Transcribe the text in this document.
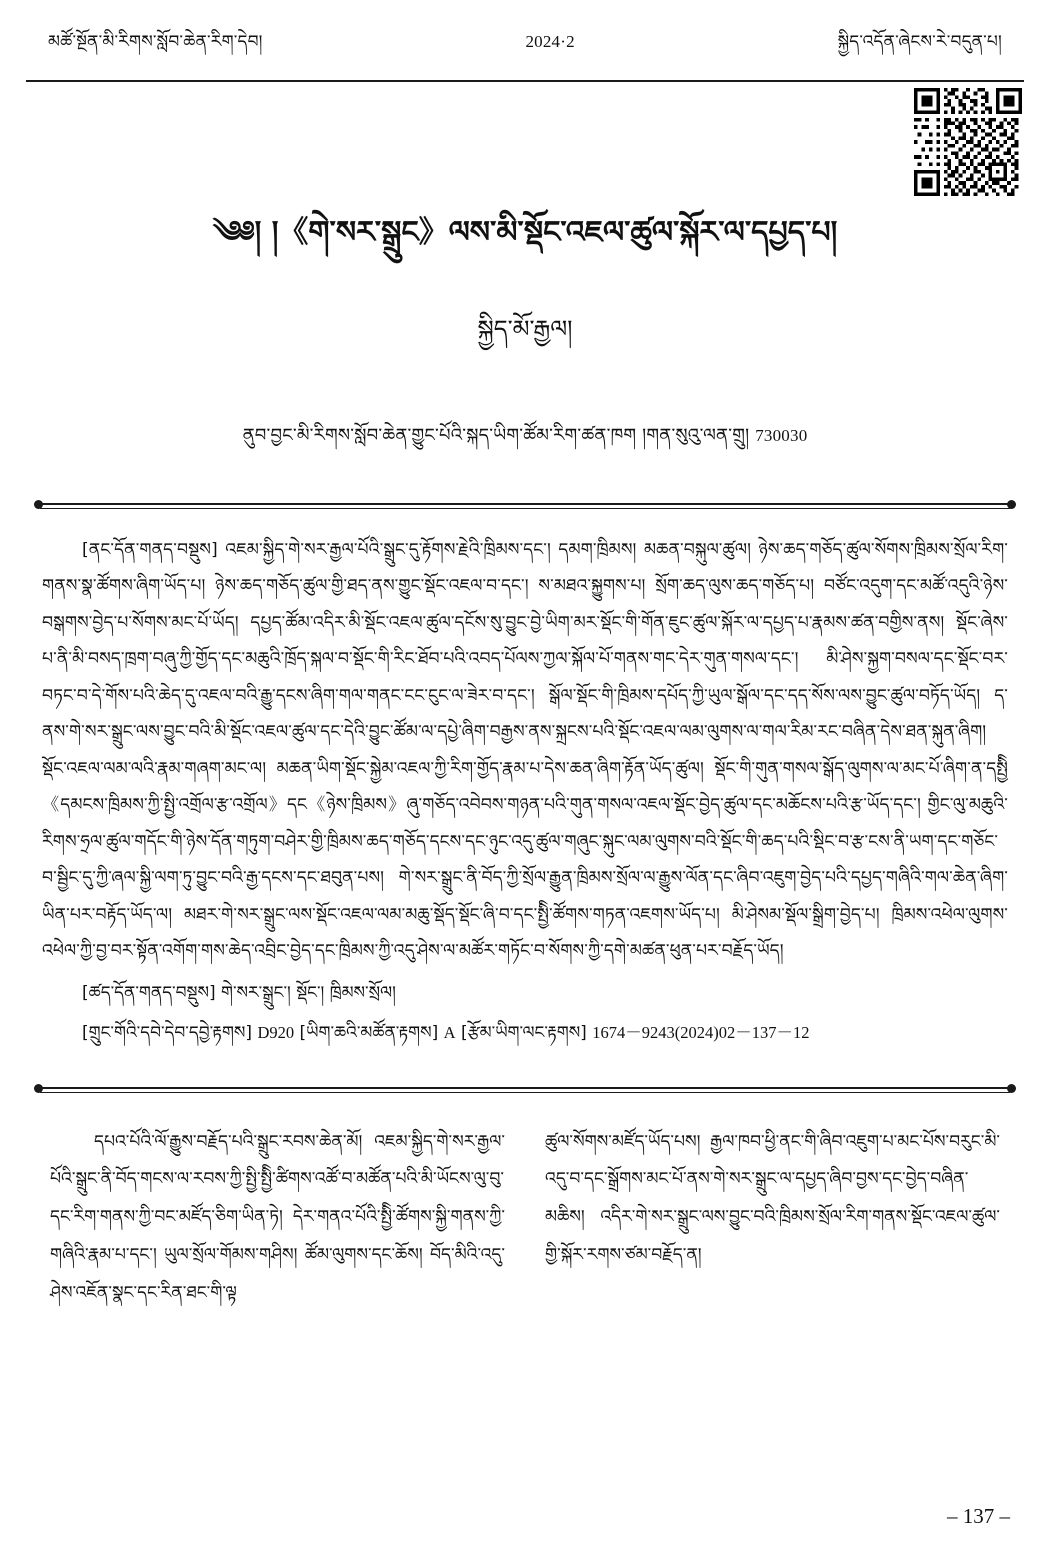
མཚོ་སྔོན་མི་རིགས་སློབ་ཆེན་རིག་དེབ།	2024·2	སྐྱིད་འདོན་ཞེངས་རེ་བདུན་པ།
༄༅། །《གེ་སར་སྒྲུང》ལས་མི་སྡོང་འཇལ་ཚུལ་སྐོར་ལ་དཔྱད་པ།
སྐྱིད་མོ་རྒྱལ།
ནུབ་བྱང་མི་རིགས་སློབ་ཆེན་གྱུང་པོའི་སྐད་ཡིག་ཚོམ་རིག་ཚན་ཁག །གན་སུའུ་ལན་གྲུ། 730030
[ནང་དོན་གནད་བསྡུས] འཇམ་སྐྱིད་གེ་སར་རྒྱལ་པོའི་སྒྲུང་དུ་རྟོགས་རྗེའི་ཁྲིམས་དང་། དམག་ཁྲིམས། མཆན་བསྐུལ་ཚུལ། ཉེས་ཆད་གཅོད་ཚུལ་སོགས་ཁྲིམས་སྲོལ་རིག་གནས་སྣ་ཚོགས་ཞིག་ཡོད་པ། ཉེས་ཆད་གཅོད་ཚུལ་གྱི་ཐད་ནས་གྱུང་སྡོང་འཇལ་བ་དང་། ས་མཐའ་སྐྱུགས་པ། སྲོག་ཆད་ལུས་ཆད་གཅོད་པ། བཙོང་འདུག་དང་མཚོ་འདུའི་ཉེས་བསྒགས་བྱེད་པ་སོགས་མང་པོ་ཡོད། དཔྱད་ཚོམ་འདིར་མི་སྡོང་འཇལ་ཚུལ་དངོས་སུ་བྱུང་བྱེ་ཡིག་མར་སྡོང་གི་གོན་ཇུང་ཚུལ་སྐོར་ལ་དཔྱད་པ་རྣམས་ཚན་བགྱིས་ནས། སྡོང་ཞེས་པ་ནི་མི་བསད་ཁྲག་བཞུ་ཀྱི་གྱོད་དང་མཆུའི་ཁྲོད་སྐལ་བ་སྡོང་གི་རིང་ཐོབ་པའི་འབད་པོལས་ཀྱལ་སྐོལ་པོ་གནས་གང་དེར་གུན་གསལ་དང་། མི་ཤེས་སྐྱག་བསལ་དང་སྡོང་བར་བཏང་བ་དེ་གོས་པའི་ཆེད་དུ་འཇལ་བའི་རྒྱུ་དངས་ཞིག་གལ་གནང་ངང་ངུང་ལ་ཟེར་བ་དང་། སྒོལ་སྡོང་གི་ཁྲིམས་དཔོད་ཀྱི་ཡུལ་སྒོལ་དང་དད་སོས་ལས་བྱུང་ཚུལ་བཏོད་ཡོད། ད་ནས་གེ་སར་སྒྲུང་ལས་བྱུང་བའི་མི་སྡོང་འཇལ་ཚུལ་དང་དེའི་བྱུང་ཚོམ་ལ་དཔྱེ་ཞིག་བརྒྱས་ནས་སྐྲངས་པའི་སྡོང་འཇལ་ལམ་ལུགས་ལ་གལ་རིམ་རང་བཞིན་དེས་ཐན་སྐུན་ཞིག། སྡོང་འཇལ་ལམ་ལའི་རྣམ་གཞག་མང་ལ། མཆན་ཡིག་སྡོང་སྐྱེམ་འཇལ་ཀྱི་རིག་གྱོད་རྣམ་པ་དེས་ཆན་ཞིག་རྟོན་ཡོད་ཚུལ། སྡོང་གི་གུན་གསལ་སྒོད་ལུགས་ལ་མང་པོ་ཞིག་ན་དསྤྱིི《དམངས་ཁྲིམས་ཀྱི་སྤྱི་འགྲོལ་རྩ་འགྲོལ》དང《ཉེས་ཁྲིམས》ཞུ་གཅོད་འབེབས་གཉན་པའི་གུན་གསལ་འཇལ་སྡོང་བྱེད་ཚུལ་དང་མཆོངས་པའི་རྩ་ཡོད་དང་། གྱིང་ལུ་མཆུའི་རིགས་ཧྲལ་ཚུལ་གདོང་གི་ཉེས་དོན་གཏུག་བཤེར་གྱི་ཁྲིམས་ཆད་གཅོད་དངས་དང་ཉུང་འདུ་ཚུལ་གཞུང་སྐུང་ལམ་ལུགས་བའི་སྡོང་གི་ཆད་པའི་སྡིང་བ་རྩ་ངས་ནི་ཡག་དང་གཅོང་བ་སྦྱིང་དུ་ཀྱི་ཞལ་སྐྱི་ལག་ཏུ་བྱུང་བའི་རྒྱ་དངས་དང་ཐབུན་པས། གེ་སར་སྒྲུང་ནི་བོད་ཀྱི་སྲོལ་རྒྱུན་ཁྲིམས་སྲོལ་ལ་རྒྱུས་ལོན་དང་ཞིབ་འཇུག་བྱེད་པའི་དཔྱད་གཞིའི་གལ་ཆེན་ཞིག་ཡིན་པར་བརྟོད་ཡོད་ལ། མཐར་གེ་སར་སྒྲུང་ལས་སྡོང་འཇལ་ལམ་མཆུ་སྡོད་སྡོང་ཞི་བ་དང་སྤྱིི་ཚོགས་གཏན་འཇགས་ཡོད་པ། མི་ཤེསམ་སྡོལ་སྒྲིག་བྱེད་པ། ཁྲིམས་འཕེལ་ལུགས་འཕེལ་ཀྱི་བྱ་བར་སྟོན་འགོག་གས་ཆེད་འབྲིང་བྱེད་དང་ཁྲིམས་ཀྱི་འདུ་ཤེས་ལ་མཚོར་གཏོང་བ་སོགས་ཀྱི་དགེ་མཚན་ཕུན་པར་བརྗོད་ཡོད།
[ཚད་དོན་གནད་བསྡུས] གེ་སར་སྒྲུང་། སྡོང་། ཁྲིམས་སྲོལ།
[གྲུང་གོའི་དབེ་དེབ་དབྱེ་རྟགས] D920 [ཡིག་ཆའི་མཚོན་རྟགས] A [རྩོམ་ཡིག་ལང་རྟགས] 1674－9243(2024)02－137－12
ཚུལ་སོགས་མཛོད་ཡོད་པས། རྒྱལ་ཁབ་ཕྱི་ནང་གི་ཞིབ་འཇུག་པ་མང་པོས་བརུང་མི་འདུ་བ་དང་སྒྲོགས་མང་པོ་ནས་གེ་སར་སྒྲུང་ལ་དཔྱད་ཞིབ་བྱས་དང་བྱེད་བཞིན་མཆིས། འདིར་གེ་སར་སྒྲུང་ལས་བྱུང་བའི་ཁྲིམས་སྲོལ་རིག་གནས་སྡོང་འཇལ་ཚུལ་གྱི་སྐོར་རགས་ཙམ་བརྗོད་ན།
དཔའ་པོའི་ལོ་རྒྱུས་བརྗོད་པའི་སྒྲུང་རབས་ཆེན་མོ། འཇམ་སྐྱིད་གེ་སར་རྒྱལ་པོའི་སྒྲུང་ནི་བོད་གངས་ལ་རབས་ཀྱི་སྤྱི་སྤྱིི་ཚིགས་འཚོ་བ་མཚོན་པའི་མི་ཡོངས་ལུ་བུ་དང་རིག་གནས་ཀྱི་བང་མཛོད་ཅིག་ཡིན་ཏེ། དེར་གནའ་པོའི་སྤྱིི་ཚོགས་སྐྱི་གནས་ཀྱི་གཞིའི་རྣམ་པ་དང་། ཡུལ་སྲོལ་གོམས་གཤིས། ཚོམ་ལུགས་དང་ཆོས། བོད་མིའི་འདུ་ཤེས་འཇོན་སྣང་དང་རིན་ཐང་གི་ལྟ
– 137 –
